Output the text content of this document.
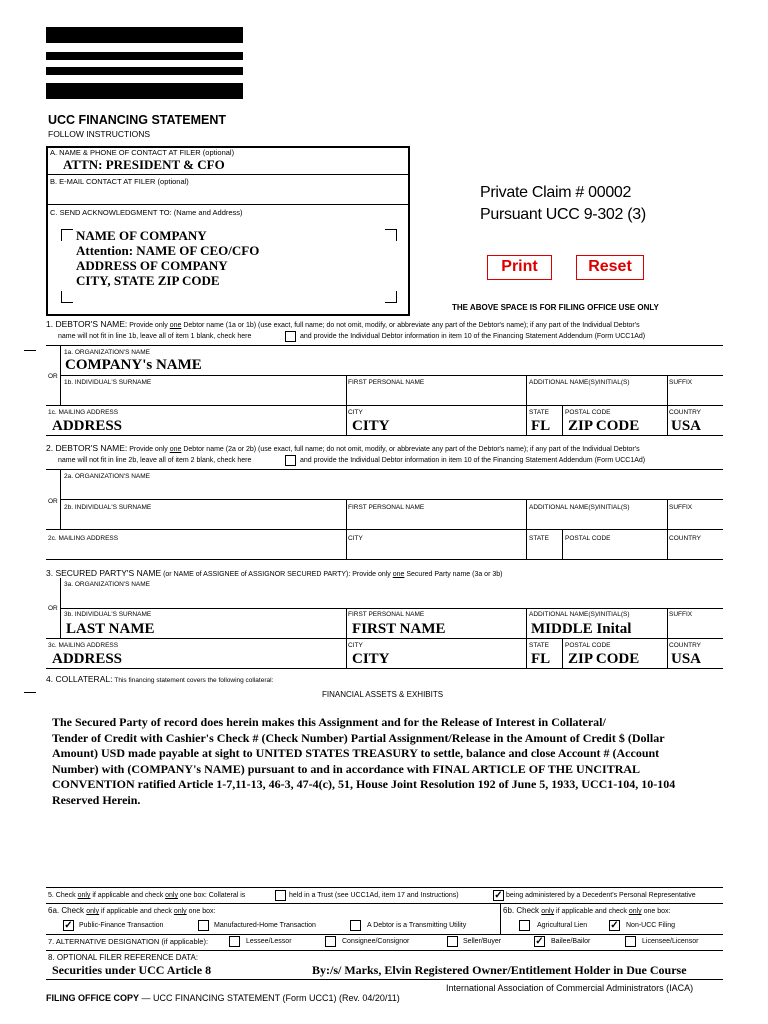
UCC FINANCING STATEMENT
FOLLOW INSTRUCTIONS
A. NAME & PHONE OF CONTACT AT FILER (optional)
ATTN: PRESIDENT & CFO
B. E-MAIL CONTACT AT FILER (optional)
C. SEND ACKNOWLEDGMENT TO: (Name and Address)
NAME OF COMPANY
Attention: NAME OF CEO/CFO
ADDRESS OF COMPANY
CITY, STATE ZIP CODE
Private Claim # 00002
Pursuant UCC 9-302 (3)
Print	Reset
THE ABOVE SPACE IS FOR FILING OFFICE USE ONLY
1. DEBTOR'S NAME: Provide only one Debtor name (1a or 1b) (use exact, full name; do not omit, modify, or abbreviate any part of the Debtor's name); if any part of the Individual Debtor's
name will not fit in line 1b, leave all of item 1 blank, check here	and provide the Individual Debtor information in item 10 of the Financing Statement Addendum (Form UCC1Ad)
1a. ORGANIZATION'S NAME
COMPANY's NAME
OR
1b. INDIVIDUAL'S SURNAME	FIRST PERSONAL NAME	ADDITIONAL NAME(S)/INITIAL(S)	SUFFIX
1c. MAILING ADDRESS
ADDRESS
CITY
CITY
STATE
FL
POSTAL CODE
ZIP CODE
COUNTRY
USA
2. DEBTOR'S NAME: Provide only one Debtor name (2a or 2b) (use exact, full name; do not omit, modify, or abbreviate any part of the Debtor's name); if any part of the Individual Debtor's
name will not fit in line 2b, leave all of item 2 blank, check here	and provide the Individual Debtor information in item 10 of the Financing Statement Addendum (Form UCC1Ad)
2a. ORGANIZATION'S NAME
OR
2b. INDIVIDUAL'S SURNAME	FIRST PERSONAL NAME	ADDITIONAL NAME(S)/INITIAL(S)	SUFFIX
2c. MAILING ADDRESS	CITY	STATE POSTAL CODE	COUNTRY
3. SECURED PARTY'S NAME (or NAME of ASSIGNEE of ASSIGNOR SECURED PARTY): Provide only one Secured Party name (3a or 3b)
3a. ORGANIZATION'S NAME
OR
3b. INDIVIDUAL'S SURNAME
LAST NAME
FIRST PERSONAL NAME
FIRST NAME
ADDITIONAL NAME(S)/INITIAL(S)
MIDDLE Inital
SUFFIX
3c. MAILING ADDRESS
ADDRESS
CITY
CITY
STATE
FL
POSTAL CODE
ZIP CODE
COUNTRY
USA
4. COLLATERAL: This financing statement covers the following collateral:
FINANCIAL ASSETS & EXHIBITS
The Secured Party of record does herein makes this Assignment and for the Release of Interest in Collateral/
Tender of Credit with Cashier's Check # (Check Number) Partial Assignment/Release in the Amount of Credit $ (Dollar
Amount) USD made payable at sight to UNITED STATES TREASURY to settle, balance and close Account # (Account
Number) with (COMPANY's NAME) pursuant to and in accordance with FINAL ARTICLE OF THE UNCITRAL
CONVENTION ratified Article 1-7,11-13, 46-3, 47-4(c), 51, House Joint Resolution 192 of June 5, 1933, UCC1-104, 10-104
Reserved Herein.
5. Check only if applicable and check only one box: Collateral is	held in a Trust (see UCC1Ad, item 17 and Instructions)	✓ being administered by a Decedent's Personal Representative
6a. Check only if applicable and check only one box:	6b. Check only if applicable and check only one box:
✓ Public-Finance Transaction	Manufactured-Home Transaction	A Debtor is a Transmitting Utility	Agricultural Lien ✓ Non-UCC Filing
7. ALTERNATIVE DESIGNATION (if applicable):	Lessee/Lessor	Consignee/Consignor	Seller/Buyer	✓ Bailee/Bailor	Licensee/Licensor
8. OPTIONAL FILER REFERENCE DATA:
Securities under UCC Article 8	By:/s/ Marks, Elvin Registered Owner/Entitlement Holder in Due Course
International Association of Commercial Administrators (IACA)
FILING OFFICE COPY — UCC FINANCING STATEMENT (Form UCC1) (Rev. 04/20/11)
